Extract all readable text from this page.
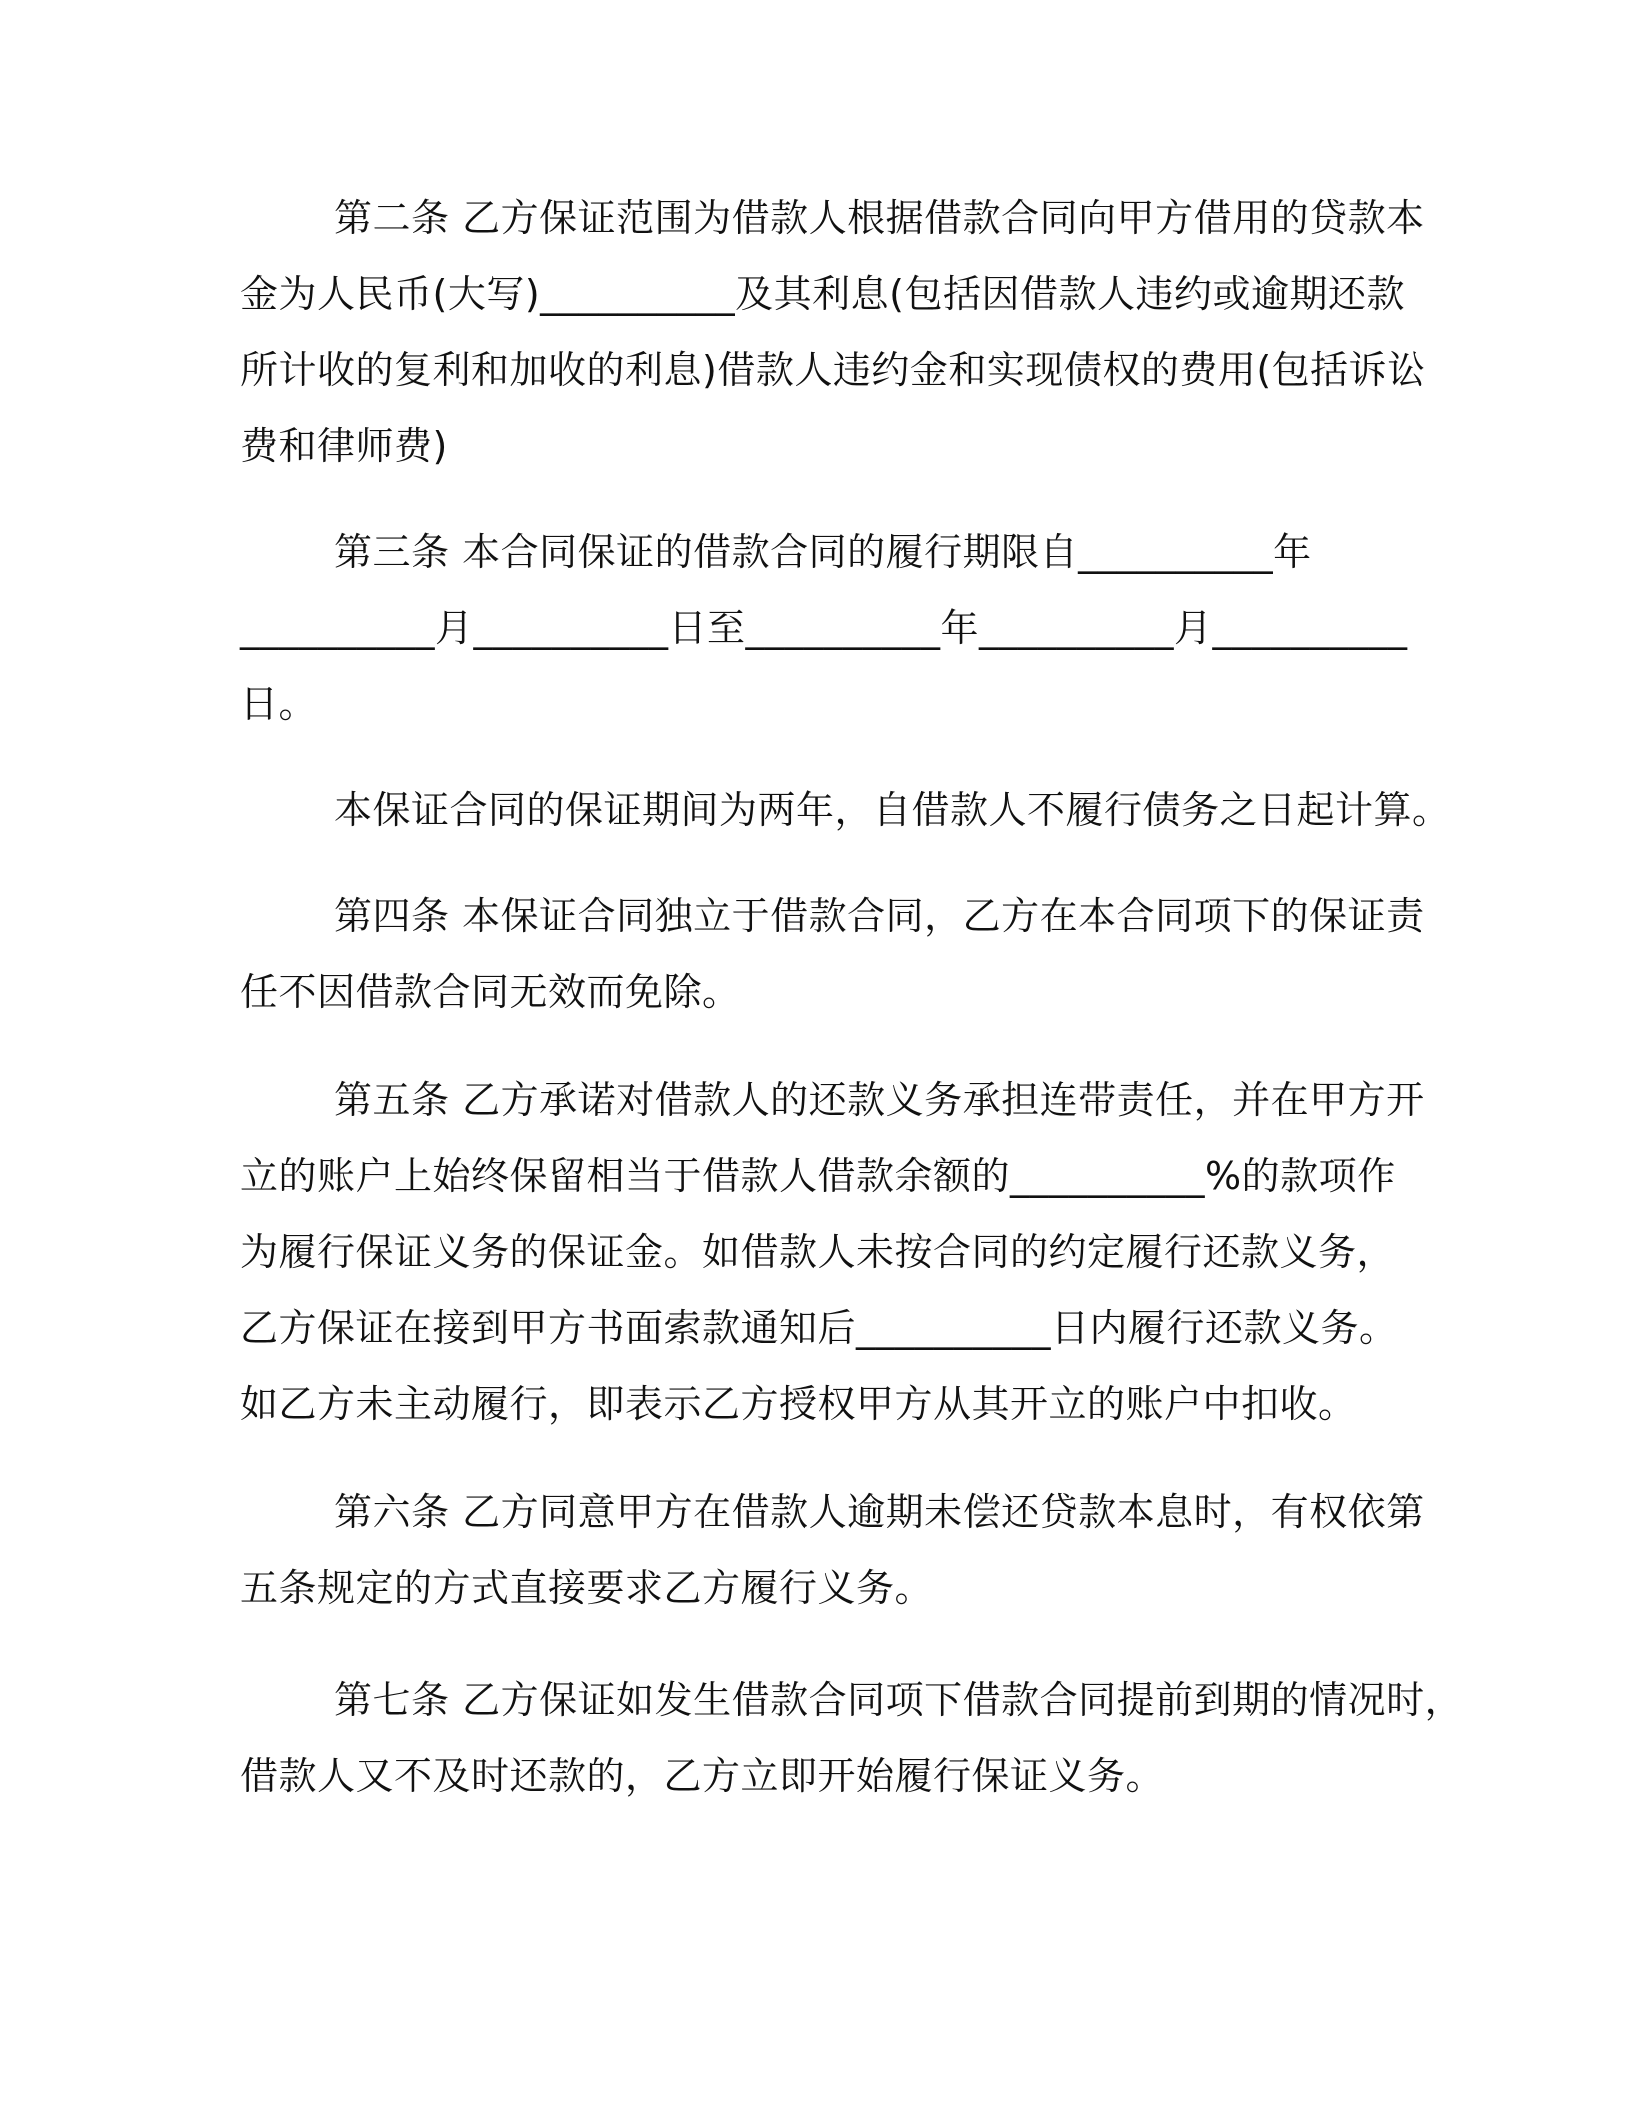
第二条 乙方保证范围为借款人根据借款合同向甲方借用的贷款本
金为人民币(大写)__________及其利息(包括因借款人违约或逾期还款
所计收的复利和加收的利息)借款人违约金和实现债权的费用(包括诉讼
费和律师费)
第三条 本合同保证的借款合同的履行期限自__________年
__________月__________日至__________年__________月__________
日。
本保证合同的保证期间为两年，自借款人不履行债务之日起计算。
第四条 本保证合同独立于借款合同，乙方在本合同项下的保证责
任不因借款合同无效而免除。
第五条 乙方承诺对借款人的还款义务承担连带责任，并在甲方开
立的账户上始终保留相当于借款人借款余额的__________%的款项作
为履行保证义务的保证金。如借款人未按合同的约定履行还款义务，
乙方保证在接到甲方书面索款通知后__________日内履行还款义务。
如乙方未主动履行，即表示乙方授权甲方从其开立的账户中扣收。
第六条 乙方同意甲方在借款人逾期未偿还贷款本息时，有权依第
五条规定的方式直接要求乙方履行义务。
第七条 乙方保证如发生借款合同项下借款合同提前到期的情况时，
借款人又不及时还款的，乙方立即开始履行保证义务。
